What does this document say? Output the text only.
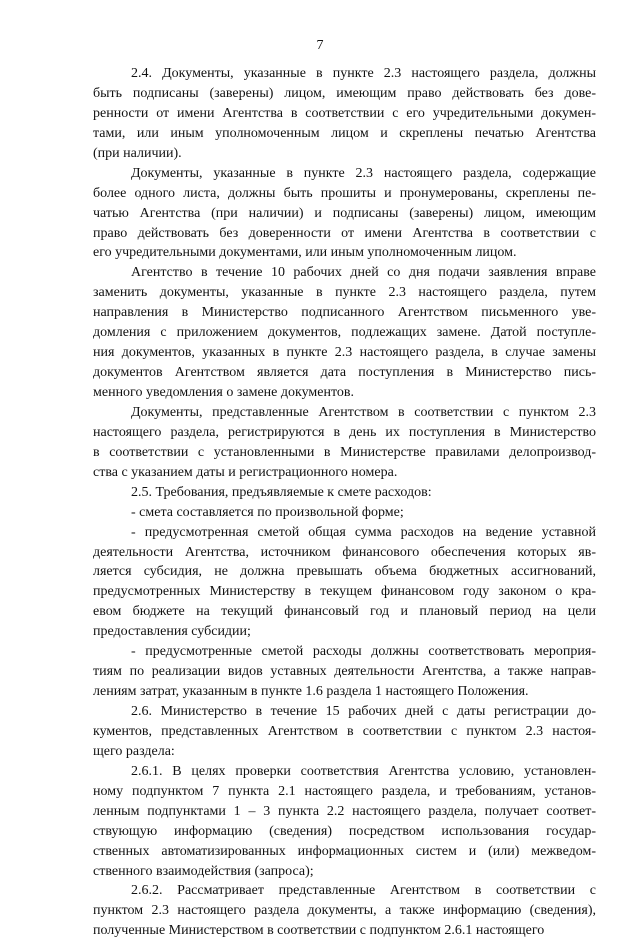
7
2.4. Документы, указанные в пункте 2.3 настоящего раздела, должны
быть подписаны (заверены) лицом, имеющим право действовать без дове-
ренности от имени Агентства в соответствии с его учредительными докумен-
тами, или иным уполномоченным лицом и скреплены печатью Агентства
(при наличии).
Документы, указанные в пункте 2.3 настоящего раздела, содержащие
более одного листа, должны быть прошиты и пронумерованы, скреплены пе-
чатью Агентства (при наличии) и подписаны (заверены) лицом, имеющим
право действовать без доверенности от имени Агентства в соответствии с
его учредительными документами, или иным уполномоченным лицом.
Агентство в течение 10 рабочих дней со дня подачи заявления вправе
заменить документы, указанные в пункте 2.3 настоящего раздела, путем
направления в Министерство подписанного Агентством письменного уве-
домления с приложением документов, подлежащих замене. Датой поступле-
ния документов, указанных в пункте 2.3 настоящего раздела, в случае замены
документов Агентством является дата поступления в Министерство пись-
менного уведомления о замене документов.
Документы, представленные Агентством в соответствии с пунктом 2.3
настоящего раздела, регистрируются в день их поступления в Министерство
в соответствии с установленными в Министерстве правилами делопроизвод-
ства с указанием даты и регистрационного номера.
2.5. Требования, предъявляемые к смете расходов:
- смета составляется по произвольной форме;
- предусмотренная сметой общая сумма расходов на ведение уставной
деятельности Агентства, источником финансового обеспечения которых яв-
ляется субсидия, не должна превышать объема бюджетных ассигнований,
предусмотренных Министерству в текущем финансовом году законом о кра-
евом бюджете на текущий финансовый год и плановый период на цели
предоставления субсидии;
- предусмотренные сметой расходы должны соответствовать мероприя-
тиям по реализации видов уставных деятельности Агентства, а также направ-
лениям затрат, указанным в пункте 1.6 раздела 1 настоящего Положения.
2.6. Министерство в течение 15 рабочих дней с даты регистрации до-
кументов, представленных Агентством в соответствии с пунктом 2.3 настоя-
щего раздела:
2.6.1. В целях проверки соответствия Агентства условию, установлен-
ному подпунктом 7 пункта 2.1 настоящего раздела, и требованиям, установ-
ленным подпунктами 1 – 3 пункта 2.2 настоящего раздела, получает соответ-
ствующую информацию (сведения) посредством использования государ-
ственных автоматизированных информационных систем и (или) межведом-
ственного взаимодействия (запроса);
2.6.2. Рассматривает представленные Агентством в соответствии с
пунктом 2.3 настоящего раздела документы, а также информацию (сведения),
полученные Министерством в соответствии с подпунктом 2.6.1 настоящего
